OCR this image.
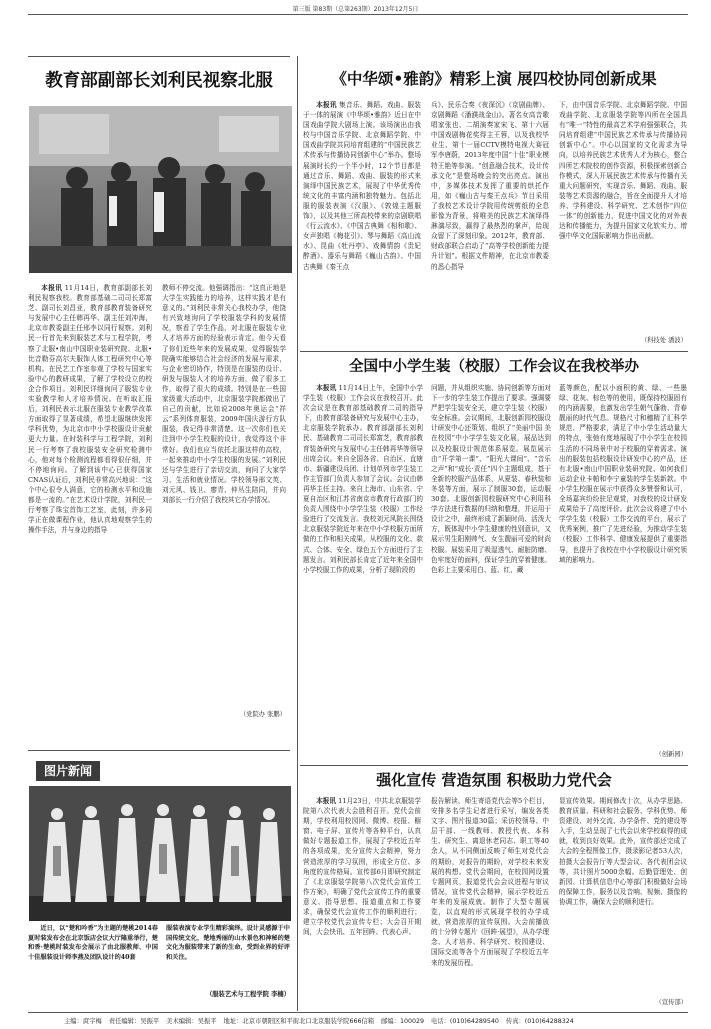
第三版 第83期（总第263期）2013年12月5日
教育部副部长刘利民视察北服
本报讯 11月14日，教育部副部长刘利民视察我校。教育部基础二司司长郑富芝、副司长刘昌亚，教育部教育装备研究与发展中心主任韩再华、副主任刘冲海，北京市教委副主任邢李以同行视察。刘利民一行首先来到服装艺术与工程学院，考察了北服•南山中国职业装研究院、北服•比音勒芬高尔夫服饰人体工程研究中心等机构。在民艺工作室参观了学校与国家实验中心的教研成果，了解了学校设立的校企合作项目。刘利民详细询问了服装专业实验教学和人才培养情况。在听取汇报后，刘利民表示北服在服装专业教学改革方面取得了显著成绩，希望北服继续发挥学科优势，为北京市中小学校服设计贡献更大力量。在时装科学与工程学院，刘利民一行考察了我校服装安全研究检测中心，他对每个检测流程都看得很仔细，并不停地询问。了解到该中心已获得国家CNAS认证后，刘利民非常高兴地说：“这个中心很令人满意，它的检测水平和设施都是一流的。”在艺术设计学院，刘利民一行考察了珠宝首饰工艺室，此刻，许多同学正在做课程作业，他认真地观察学生的操作手法，并与身边的指导
教师不停交流。他强调指出：“这真正地是大学生实践能力的培养，这样实践才是有意义的。”刘利民非常关心我校办学，他饶有兴致地询问了学校服装学科的发展情况，察看了学生作品，对北服在服装专业人才培养方面的经验表示肯定。他今天看了你们近些年来的发展成果，觉得服装学院确实能够结合社会经济的发展与需求，与企业密切协作，特别是在服装的设计、研发与服装人才的培养方面，做了很多工作，取得了很大的成绩。特别是在一些国家级重大活动中，北京服装学院都做出了自己的贡献，比如说2008年奥运会“祥云”系列体育服装，2009年国庆游行方队服装，我记得非常清楚。这一次你们也关注到中小学生校服的设计，我觉得这个非常好。我们也应当依托北服这样的高校，一起来推动中小学生校服的发展。”刘利民还与学生进行了亲切交流，询问了大家学习、生活和就业情况。学校领导邢文英、刘元风、钱卫、廖青、仲丛生陪同，并向刘部长一行介绍了我校其它办学情况。
（党院办 张鹏）
图片新闻
近日，以“楚和吟香”为主题的楚桃2014春夏时装发布会在北京饭店会议大厅隆重举行，楚和香·楚桃时装发布会展示了由北服教师、中国十佳服装设计师李燕及团队设计的40套
服装表演专业学生精彩演绎。设计灵感源于中国传统文化，楚地秀丽的山水景色和神秘的楚文化为服装带来了新的生命，受到业界的好评和关注。
（服装艺术与工程学院 李楠）
《中华颂•雅韵》精彩上演 展四校协同创新成果
本报讯 集音乐、舞蹈、戏曲、服装于一体的展演《中华颂•雅韵》近日在中国戏曲学院大剧场上演。该场演出由我校与中国音乐学院、北京舞蹈学院、中国戏曲学院共同培育组建的“中国民族艺术传承与传播协同创新中心”举办。整场展演时长约一个半小时，12个节目都是通过音乐、舞蹈、戏曲、服装的形式来演绎中国民族艺术，展现了中华优秀传统文化的丰富内涵和独特魅力。包括北服的服装表演《汉服》、《敦煌主题服饰》，以及其他三所高校带来的京剧联唱《行云流水》、《中国古典舞《相和歌》、女声独唱《梅花引》、琴与舞蹈《高山流水》、昆曲《牡丹亭》、戏舞情韵《贵妃醉酒》、器乐与舞蹈《巍山古韵》、中国古典舞《秦王点
兵》、民乐合奏《夜深沉》（京剧曲牌）、京剧舞蹈《潘濮战金山》。著名女高音歌唱家张也、二胡演奏家宋飞、第十六届中国戏剧梅花奖得主王蓉，以及我校毕业生、第十一届CCTV模特电视大赛冠军李唐蔚，2013年度中国“十佳”职业模特王艳等参演。“创意融合技术，设计传承文化”是整场晚会的突出亮点。演出中，多媒体技术发挥了重要的烘托作用，如《巍山古与秦王点兵》节目采用了我校艺术设计学院用传统剪纸的全息影像为背景，将唯美的民族艺术演绎得淋漓尽致，赢得了最热烈的掌声，给现众留下了深刻印象。2012年，教育部、财政部联合启动了“高等学校创新能力提升计划”。根据文件精神，在北京市教委的悉心指导
下，由中国音乐学院、北京舞蹈学院、中国戏曲学院、北京服装学院等四所在全国具有“唯一”特性的最高艺术学府强强联合，共同培育组建“中国民族艺术传承与传播协同创新中心”。中心以国家的文化需求为导向，以培养民族艺术优秀人才为核心，整合四所艺术院校的创作资源，积极探索创新合作模式，深入开展民族艺术传承与传播有关重大问题研究，实现音乐、舞蹈、戏曲、服装等艺术资源的融合，旨在全面提升人才培养、学科建设、科学研究、艺术创作“四位一体”的创新能力，促进中国文化的对外表达和传播能力，为提升国家文化软实力、增强中华文化国际影响力作出贡献。
（科技处 潘波）
全国中小学生装（校服）工作会议在我校举办
本报讯 11月14日上午，全国中小学学生装（校服）工作会议在我校召开。此次会议是在教育部基础教育二司的指导下，由教育部装备研究与发展中心主办，北京服装学院承办。教育部副部长刘利民、基础教育二司司长郑富芝，教育部教育装备研究与发展中心主任韩再华等领导出席会议。来自全国各省、自治区、直辖市、新疆建设兵团、计划单列市学生装工作主管部门负责人参加了会议。会议由韩再华主任主持。来自上海市、山东省、宁夏自治区和江苏省南京市教育行政部门的负责人围绕中小学学生装（校服）工作经验进行了交流发言。我校刘元风院长围绕北京服装学院近年来在中小学校服方面所做的工作和相关成果，从校服的文化、款式、合体、安全、绿色五个方面进行了主题发言。刘利民部长肯定了近年来全国中小学校服工作的成果，分析了现阶段的
问题，并从组织实施、协同创新等方面对下一步的学生装工作提出了要求。强调要严把学生装安全关，建立学生装（校服）安全标准。会议期间，北服创新园校服设计研发中心还策划、组织了“美丽中国 美在校园”中小学学生装文化展，展品达到以及校服设计规范体系展览。展览展示由“开学第一课”、“阳光大课间”、“音乐之声”和“成长·责任”四个主题组成，基于全新的校服产品体系，从夏装、春秋装和冬装等方面，展示了制服30套，运动服30套。北服创新园校服研究中心利用科学方法进行数据的归纳和整理，并运用于设计之中，最终形成了新颖时尚、活泼大方，既体现中小学生健康的性别意识，又展示男生阳刚帅气、女生靓丽可爱的时尚校服。展装采用了吸湿透气、耐脏防磨、色牢度好的面料，保证学生的穿着健康。色彩上主要采用白、蓝、红、藏
蓝等颜色，配以小面积的黄、绿、一些墨绿、花灰、棕色等的使用，既保持校服固有的内涵需要，也激发出学生朝气蓬勃、青春靓丽的时代气息。规格尺寸和穗精了汇科学规范、严格要求，满足了中小学生活动量大的特点，张弛有度地展现了中小学生在校园生活的不同场景中对于校服的穿着需求。演出的服装包括校服设计研发中心的产品，还有北服•南山中国职业装研究院、如何我们运动企业卡帕和李宁童装的学生装新款。中小学生校服在展示中获得众多赞誉和认可，全场嘉宾纷纷驻足观赏，对我校的设计研发成果给予了高度评价。此次会议将建了中小学学生装（校服）工作交流的平台，展示了优秀案例，推广了先进经验，为推动学生装（校服）工作科学、健康发展提供了重要指导，也提升了我校在中小学校服设计研究领域的影响力。
（创新园）
强化宣传 营造氛围 积极助力党代会
本报讯 11月23日，中共北京服装学院第八次代表大会胜利召开。党代会前期，学校利用校园网、微博、校报、橱窗、电子屏、宣传片等各种平台，认真做好专题报道工作，展现了学校近五年的各项成果，充分宣传大会精神，努力营造浓厚的学习氛围，形成全方位、多角度的宣传格局。宣传部6月即研究制定了《北京服装学院第八次党代会宣传工作方案》，明确了党代会宣传工作的重要意义、指导思想、报道重点和工作要求，确保党代会宣传工作的顺利进行；建立学校党代会宣传专栏；大会召开期间，大会快讯、五年回眸、代表心声、
报告解读、师生寄语党代会等5个栏目，安排多名学生记者进行采写，编发各类文字、图片报道30篇；采访校领导、中层干部、一线教师、教授代表、本科生、研究生、离退休老同志、职工等40余人，从不同侧面反映了师生对党代会的期盼，对报告的期盼，对学校未来发展的构想。党代会期间，在校园网设置专题网页，报道党代会会议进程与审议情况，宣传党代会精神，展示学校近五年来的发展成就。制作了大型专题展览，以直观的形式展现学校的办学成就，营造浓厚的宣传氛围。大会前播放的十分钟专题片《回眸·展望》，从办学理念、人才培养、科学研究、校园建设、国际交流等各个方面展现了学校近五年来的发展历程。
显宣传效果。期间修改十次，从办学思路、教育质量、科研和社会服务、学科优势、师资建设、对外交流、办学条件、党的建设等入手，生动呈现了七代会以来学校取得的成就，收到良好效果。此外，宣传部还完成了大会的全程图像工作，摄录影记者53人次，拍摄大会报告厅等大型会议、各代表团会议等，共计照片5000余幅。后勤管理处、创新园、计算机信息中心等部门积极做好会场的保障工作，服务以及音响、视频、摄像的协调工作，确保大会的顺利进行。
（宣传部）
主编：庹字梅 责任编辑：吴振平 美术编辑：吴振平 地址：北京市朝阳区和平街北口北京服装学院666信箱 邮编：100029 电话：(010)64289540 传真：(010)64288324
